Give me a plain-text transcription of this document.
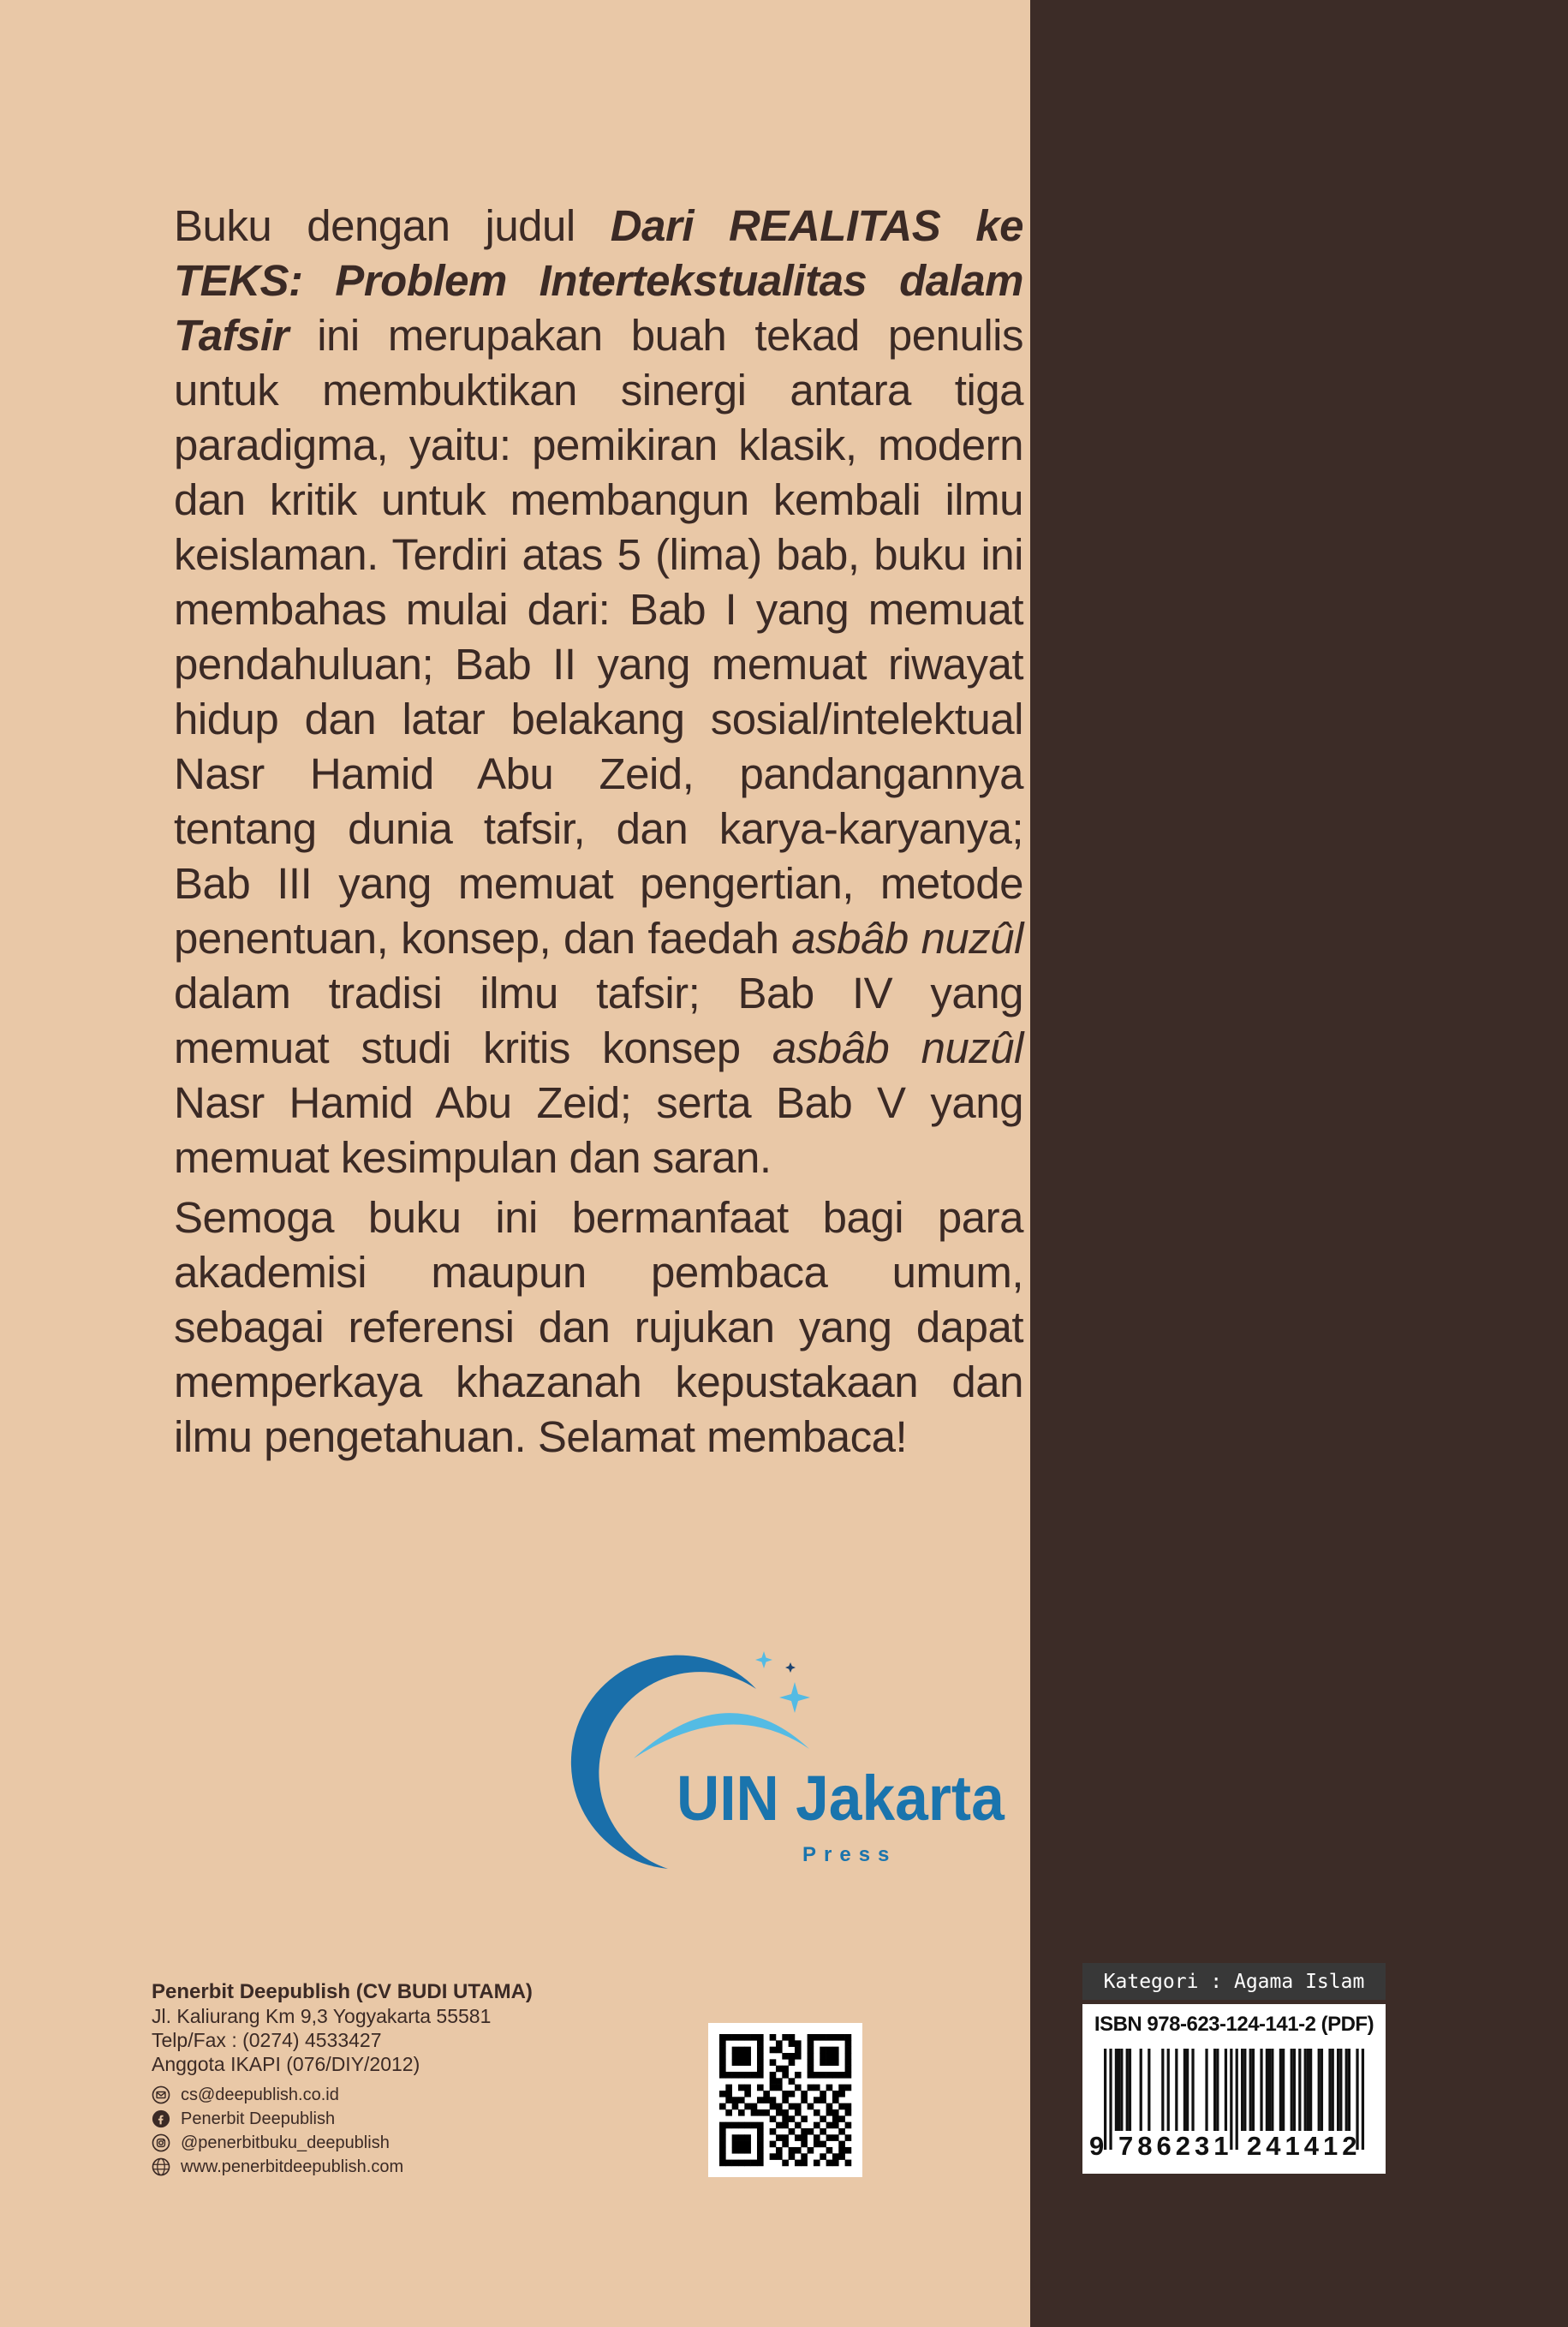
Buku dengan judul Dari REALITAS ke TEKS: Problem Intertekstualitas dalam Tafsir ini merupakan buah tekad penulis untuk membuktikan sinergi antara tiga paradigma, yaitu: pemikiran klasik, modern dan kritik untuk membangun kembali ilmu keislaman. Terdiri atas 5 (lima) bab, buku ini membahas mulai dari: Bab I yang memuat pendahuluan; Bab II yang memuat riwayat hidup dan latar belakang sosial/intelektual Nasr Hamid Abu Zeid, pandangannya tentang dunia tafsir, dan karya-karyanya; Bab III yang memuat pengertian, metode penentuan, konsep, dan faedah asbâb nuzûl dalam tradisi ilmu tafsir; Bab IV yang memuat studi kritis konsep asbâb nuzûl Nasr Hamid Abu Zeid; serta Bab V yang memuat kesimpulan dan saran.

Semoga buku ini bermanfaat bagi para akademisi maupun pembaca umum, sebagai referensi dan rujukan yang dapat memperkaya khazanah kepustakaan dan ilmu pengetahuan. Selamat membaca!

UIN Jakarta
Press
Penerbit Deepublish (CV BUDI UTAMA)
Jl. Kaliurang Km 9,3 Yogyakarta 55581
Telp/Fax : (0274) 4533427
Anggota IKAPI (076/DIY/2012)
cs@deepublish.co.id
Penerbit Deepublish
@penerbitbuku_deepublish
www.penerbitdeepublish.com
Kategori : Agama Islam
ISBN 978-623-124-141-2 (PDF)
9 786231 241412
